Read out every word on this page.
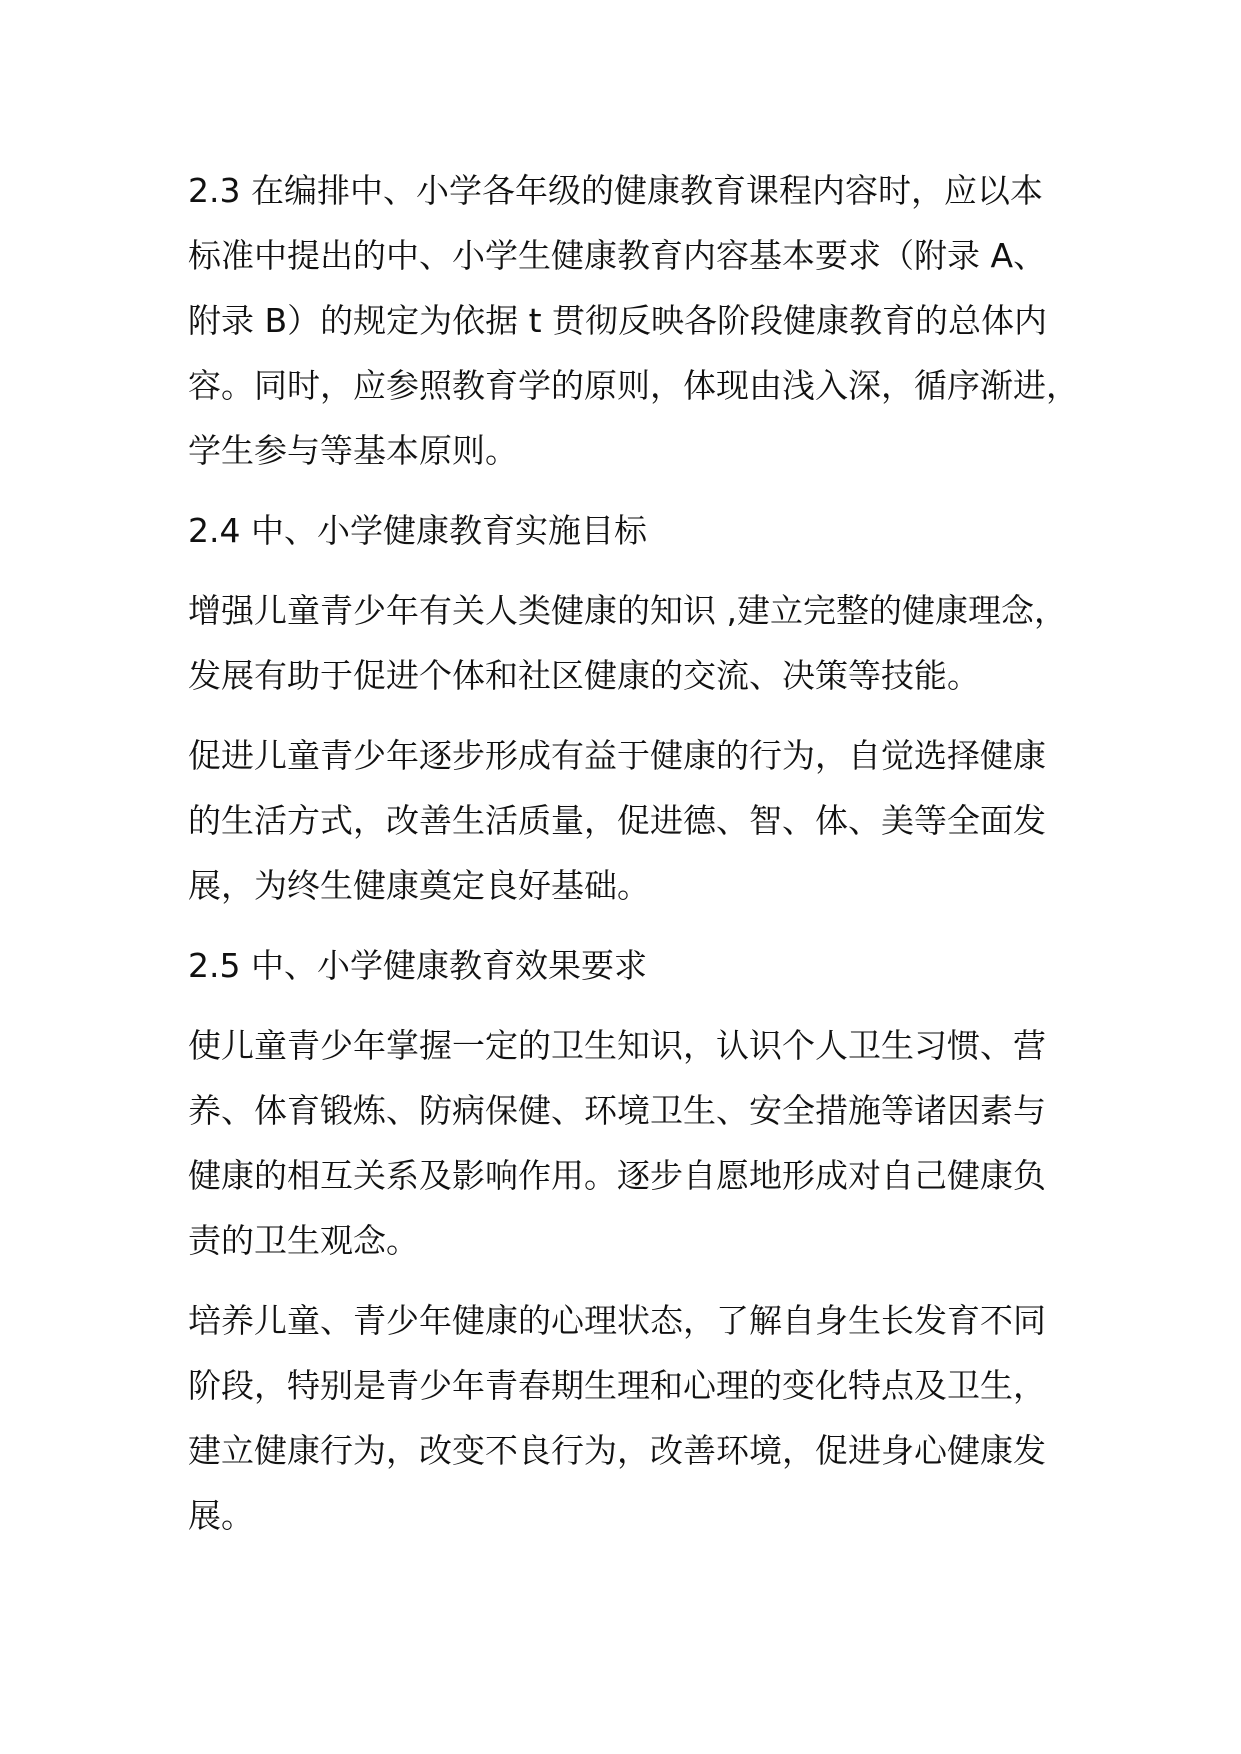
2.3 在编排中、小学各年级的健康教育课程内容时，应以本
标准中提出的中、小学生健康教育内容基本要求（附录 A、
附录 B）的规定为依据 t 贯彻反映各阶段健康教育的总体内
容。同时，应参照教育学的原则，体现由浅入深，循序渐进，
学生参与等基本原则。
2.4 中、小学健康教育实施目标
增强儿童青少年有关人类健康的知识 ,建立完整的健康理念，
发展有助于促进个体和社区健康的交流、决策等技能。
促进儿童青少年逐步形成有益于健康的行为，自觉选择健康
的生活方式，改善生活质量，促进德、智、体、美等全面发
展，为终生健康奠定良好基础。
2.5 中、小学健康教育效果要求
使儿童青少年掌握一定的卫生知识，认识个人卫生习惯、营
养、体育锻炼、防病保健、环境卫生、安全措施等诸因素与
健康的相互关系及影响作用。逐步自愿地形成对自己健康负
责的卫生观念。
培养儿童、青少年健康的心理状态，了解自身生长发育不同
阶段，特别是青少年青春期生理和心理的变化特点及卫生，
建立健康行为，改变不良行为，改善环境，促进身心健康发
展。
